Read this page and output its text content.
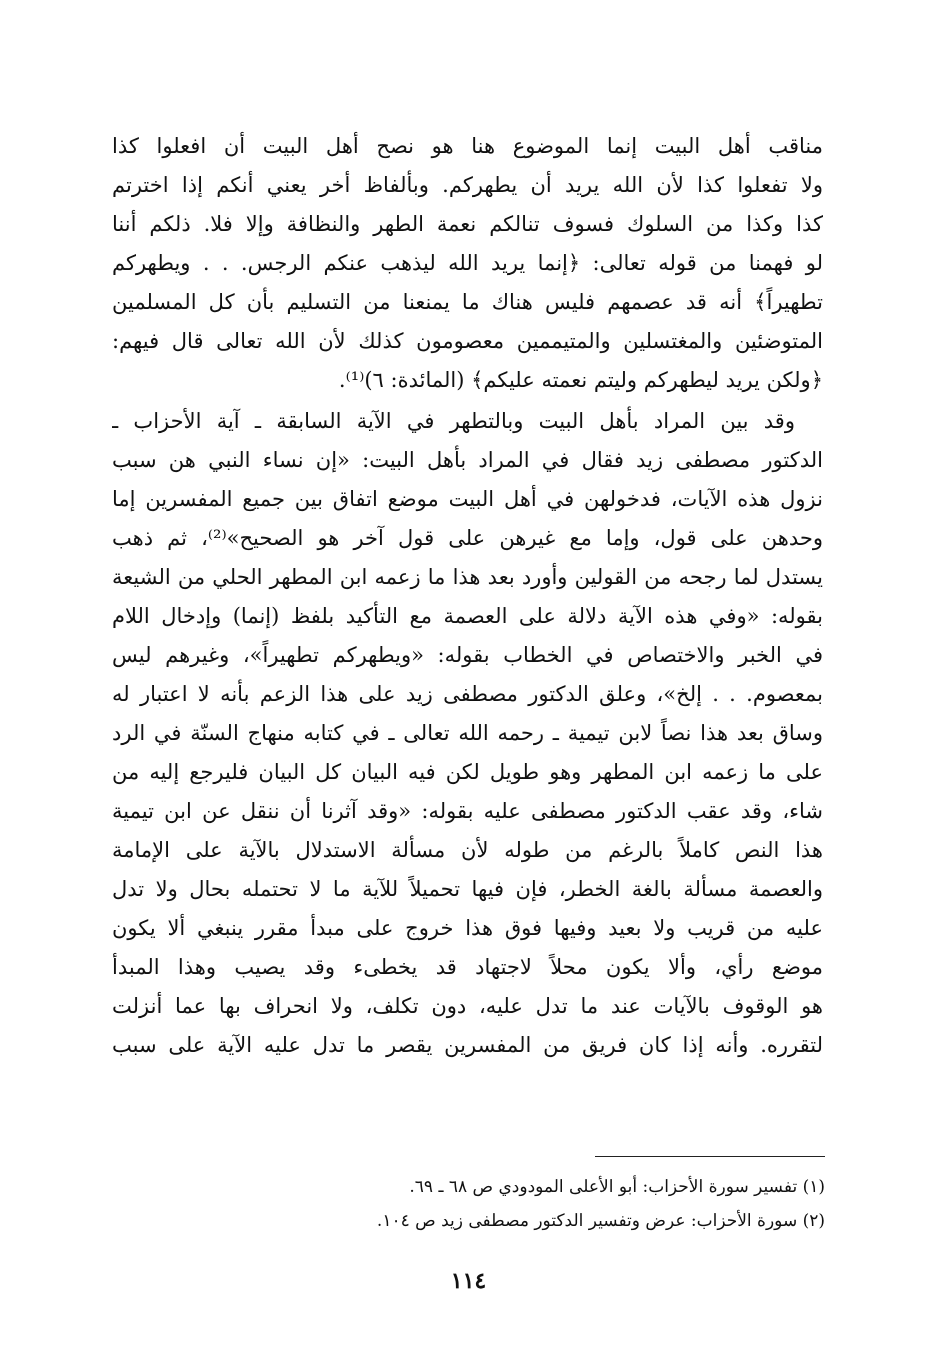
مناقب أهل البيت إنما الموضوع هنا هو نصح أهل البيت أن افعلوا كذا
ولا تفعلوا كذا لأن الله يريد أن يطهركم. وبألفاظ أخر يعني أنكم إذا اخترتم
كذا وكذا من السلوك فسوف تنالكم نعمة الطهر والنظافة وإلا فلا. ذلكم أننا
لو فهمنا من قوله تعالى: ﴿إنما يريد الله ليذهب عنكم الرجس. . . ويطهركم
تطهيراً﴾ أنه قد عصمهم فليس هناك ما يمنعنا من التسليم بأن كل المسلمين
المتوضئين والمغتسلين والمتيممين معصومون كذلك لأن الله تعالى قال فيهم:
﴿ولكن يريد ليطهركم وليتم نعمته عليكم﴾ (المائدة: ٦)⁽¹⁾.
وقد بين المراد بأهل البيت وبالتطهر في الآية السابقة ـ آية الأحزاب ـ
الدكتور مصطفى زيد فقال في المراد بأهل البيت: «إن نساء النبي هن سبب
نزول هذه الآيات، فدخولهن في أهل البيت موضع اتفاق بين جميع المفسرين إما
وحدهن على قول، وإما مع غيرهن على قول آخر هو الصحيح»⁽²⁾، ثم ذهب
يستدل لما رجحه من القولين وأورد بعد هذا ما زعمه ابن المطهر الحلي من الشيعة
بقوله: «وفي هذه الآية دلالة على العصمة مع التأكيد بلفظ (إنما) وإدخال اللام
في الخبر والاختصاص في الخطاب بقوله: «ويطهركم تطهيراً»، وغيرهم ليس
بمعصوم. . . إلخ»، وعلق الدكتور مصطفى زيد على هذا الزعم بأنه لا اعتبار له
وساق بعد هذا نصاً لابن تيمية ـ رحمه الله تعالى ـ في كتابه منهاج السنّة في الرد
على ما زعمه ابن المطهر وهو طويل لكن فيه البيان كل البيان فليرجع إليه من
شاء، وقد عقب الدكتور مصطفى عليه بقوله: «وقد آثرنا أن ننقل عن ابن تيمية
هذا النص كاملاً بالرغم من طوله لأن مسألة الاستدلال بالآية على الإمامة
والعصمة مسألة بالغة الخطر، فإن فيها تحميلاً للآية ما لا تحتمله بحال ولا تدل
عليه من قريب ولا بعيد وفيها فوق هذا خروج على مبدأ مقرر ينبغي ألا يكون
موضع رأي، وألا يكون محلاً لاجتهاد قد يخطىء وقد يصيب وهذا المبدأ
هو الوقوف بالآيات عند ما تدل عليه، دون تكلف، ولا انحراف بها عما أنزلت
لتقرره. وأنه إذا كان فريق من المفسرين يقصر ما تدل عليه الآية على سبب
(١) تفسير سورة الأحزاب: أبو الأعلى المودودي ص ٦٨ ـ ٦٩.
(٢) سورة الأحزاب: عرض وتفسير الدكتور مصطفى زيد ص ١٠٤.
١١٤
